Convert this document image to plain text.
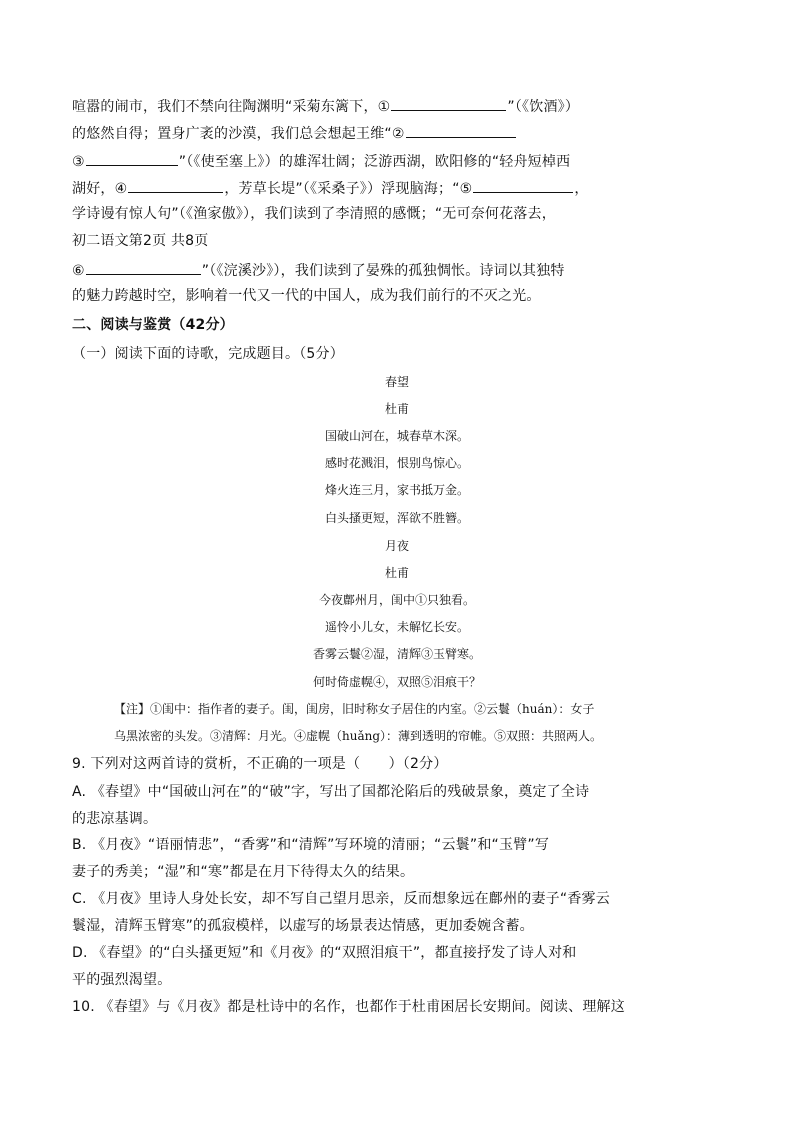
喧嚣的闹市，我们不禁向往陶渊明“采菊东篱下，①	”（《饮酒》）
的悠然自得；置身广袤的沙漠，我们总会想起王维“②
③	”（《使至塞上》）的雄浑壮阔；泛游西湖，欧阳修的“轻舟短棹西
湖好，④	，芳草长堤”（《采桑子》）浮现脑海；“⑤	，
学诗谩有惊人句”（《渔家傲》），我们读到了李清照的感慨；“无可奈何花落去，
初二语文第2页 共8页
⑥	”（《浣溪沙》），我们读到了晏殊的孤独惆怅。诗词以其独特
的魅力跨越时空，影响着一代又一代的中国人，成为我们前行的不灭之光。
二、阅读与鉴赏（42分）
（一）阅读下面的诗歌，完成题目。（5分）
春望
杜甫
国破山河在，城春草木深。
感时花溅泪，恨别鸟惊心。
烽火连三月，家书抵万金。
白头搔更短，浑欲不胜簪。
月夜
杜甫
今夜鄜州月，闺中①只独看。
遥怜小儿女，未解忆长安。
香雾云鬟②湿，清辉③玉臂寒。
何时倚虚幌④，双照⑤泪痕干？
【注】①闺中：指作者的妻子。闺，闺房，旧时称女子居住的内室。②云鬟（huán）：女子
乌黑浓密的头发。③清辉：月光。④虚幌（huǎng）：薄到透明的帘帷。⑤双照：共照两人。
9. 下列对这两首诗的赏析，不正确的一项是（　　）（2分）
A. 《春望》中“国破山河在”的“破”字，写出了国都沦陷后的残破景象，奠定了全诗
的悲凉基调。
B. 《月夜》“语丽情悲”，“香雾”和“清辉”写环境的清丽；“云鬟”和“玉臂”写
妻子的秀美；“湿”和“寒”都是在月下待得太久的结果。
C. 《月夜》里诗人身处长安，却不写自己望月思亲，反而想象远在鄜州的妻子“香雾云
鬟湿，清辉玉臂寒”的孤寂模样，以虚写的场景表达情感，更加委婉含蓄。
D. 《春望》的“白头搔更短”和《月夜》的“双照泪痕干”，都直接抒发了诗人对和
平的强烈渴望。
10. 《春望》与《月夜》都是杜诗中的名作，也都作于杜甫困居长安期间。阅读、理解这
